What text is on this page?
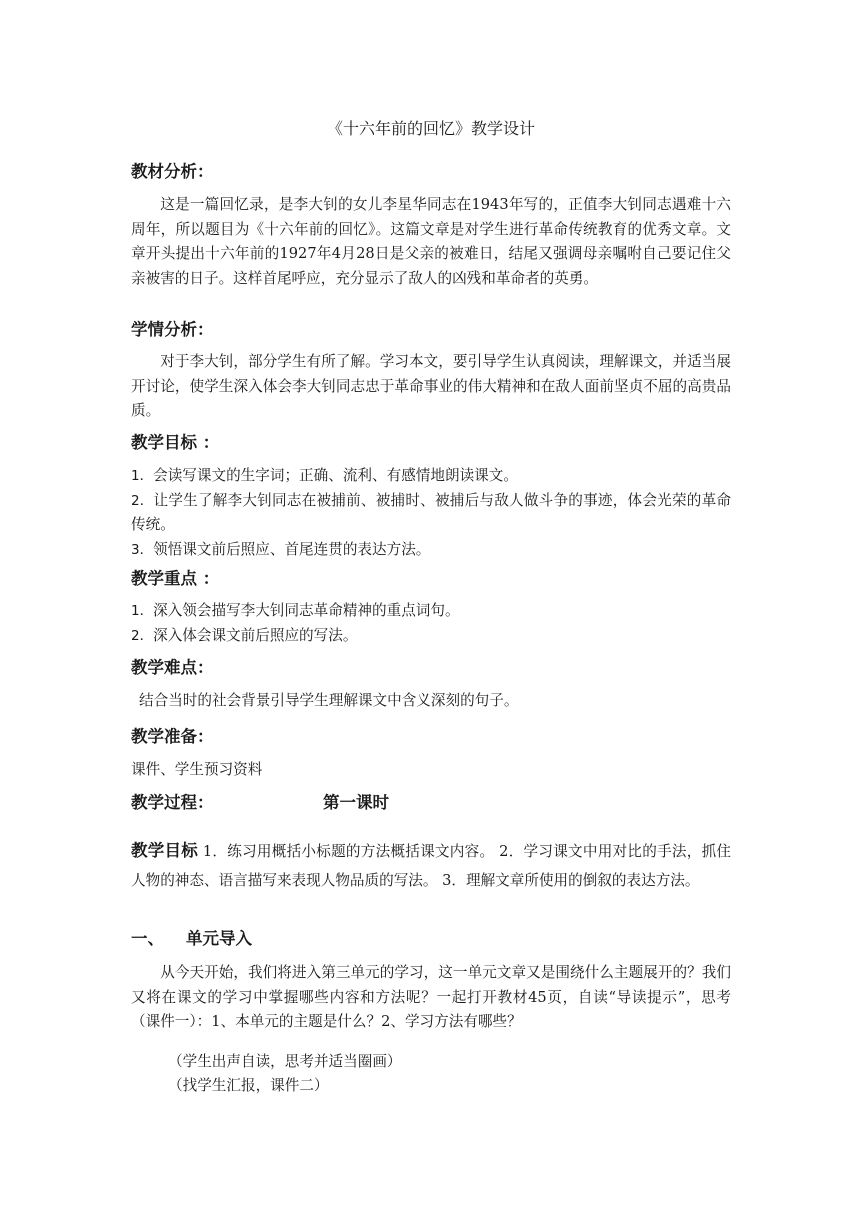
《十六年前的回忆》教学设计
教材分析：
这是一篇回忆录，是李大钊的女儿李星华同志在1943年写的，正值李大钊同志遇难十六周年，所以题目为《十六年前的回忆》。这篇文章是对学生进行革命传统教育的优秀文章。文章开头提出十六年前的1927年4月28日是父亲的被难日，结尾又强调母亲嘱咐自己要记住父亲被害的日子。这样首尾呼应，充分显示了敌人的凶残和革命者的英勇。
学情分析：
对于李大钊，部分学生有所了解。学习本文，要引导学生认真阅读，理解课文，并适当展开讨论，使学生深入体会李大钊同志忠于革命事业的伟大精神和在敌人面前坚贞不屈的高贵品质。
教学目标 ：
1．会读写课文的生字词；正确、流利、有感情地朗读课文。
2．让学生了解李大钊同志在被捕前、被捕时、被捕后与敌人做斗争的事迹，体会光荣的革命传统。
3．领悟课文前后照应、首尾连贯的表达方法。
教学重点 ：
1．深入领会描写李大钊同志革命精神的重点词句。
2．深入体会课文前后照应的写法。
教学难点：
结合当时的社会背景引导学生理解课文中含义深刻的句子。
教学准备：
课件、学生预习资料
教学过程：	第一课时
教学目标 1．练习用概括小标题的方法概括课文内容。 2．学习课文中用对比的手法，抓住人物的神态、语言描写来表现人物品质的写法。 3．理解文章所使用的倒叙的表达方法。
一、 单元导入
从今天开始，我们将进入第三单元的学习，这一单元文章又是围绕什么主题展开的？我们又将在课文的学习中掌握哪些内容和方法呢？一起打开教材45页，自读“导读提示”，思考（课件一）：1、本单元的主题是什么？2、学习方法有哪些？
（学生出声自读，思考并适当圈画）
（找学生汇报，课件二）
